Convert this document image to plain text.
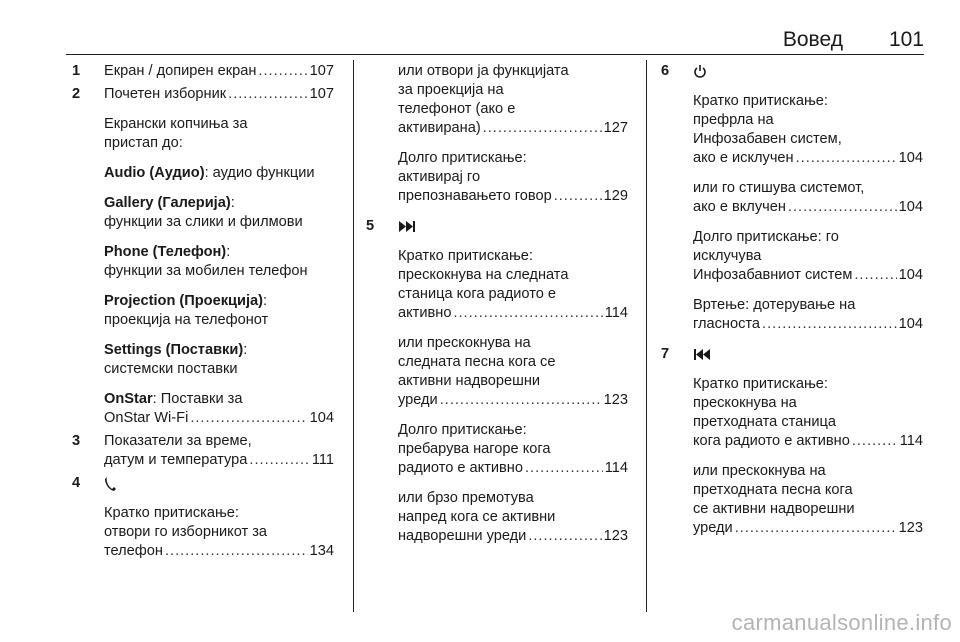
Вовед 101
1 Екран / допирен екран .....	107
2 Почетен изборник .....	107
Екрански копчиња за
пристап до:
Audio (Аудио): аудио функции
Gallery (Галерија):
функции за слики и филмови
Phone (Телефон):
функции за мобилен телефон
Projection (Проекција):
проекција на телефонот
Settings (Поставки):
системски поставки
OnStar: Поставки за
OnStar Wi-Fi .....	104
3 Показатели за време,
датум и температура .....	111
4
Кратко притискање:
отвори го изборникот за
телефон .....	134
или отвори ја функцијата
за проекција на
телефонот (ако е
активирана) .....	127
Долго притискање:
активирај го
препознавањето говор .....	129
5
Кратко притискање:
прескокнува на следната
станица кога радиото е
активно .....	114
или прескокнува на
следната песна кога се
активни надворешни
уреди .....	123
Долго притискање:
пребарува нагоре кога
радиото е активно .....	114
или брзо премотува
напред кога се активни
надворешни уреди .....	123
6
Кратко притискање:
префрла на
Инфозабавен систем,
ако е исклучен .....	104
или го стишува системот,
ако е вклучен .....	104
Долго притискање: го
исклучува
Инфозабавниот систем .....	104
Вртење: дотерување на
гласноста .....	104
7
Кратко притискање:
прескокнува на
претходната станица
кога радиото е активно .....	114
или прескокнува на
претходната песна кога
се активни надворешни
уреди .....	123
carmanualsonline.info
